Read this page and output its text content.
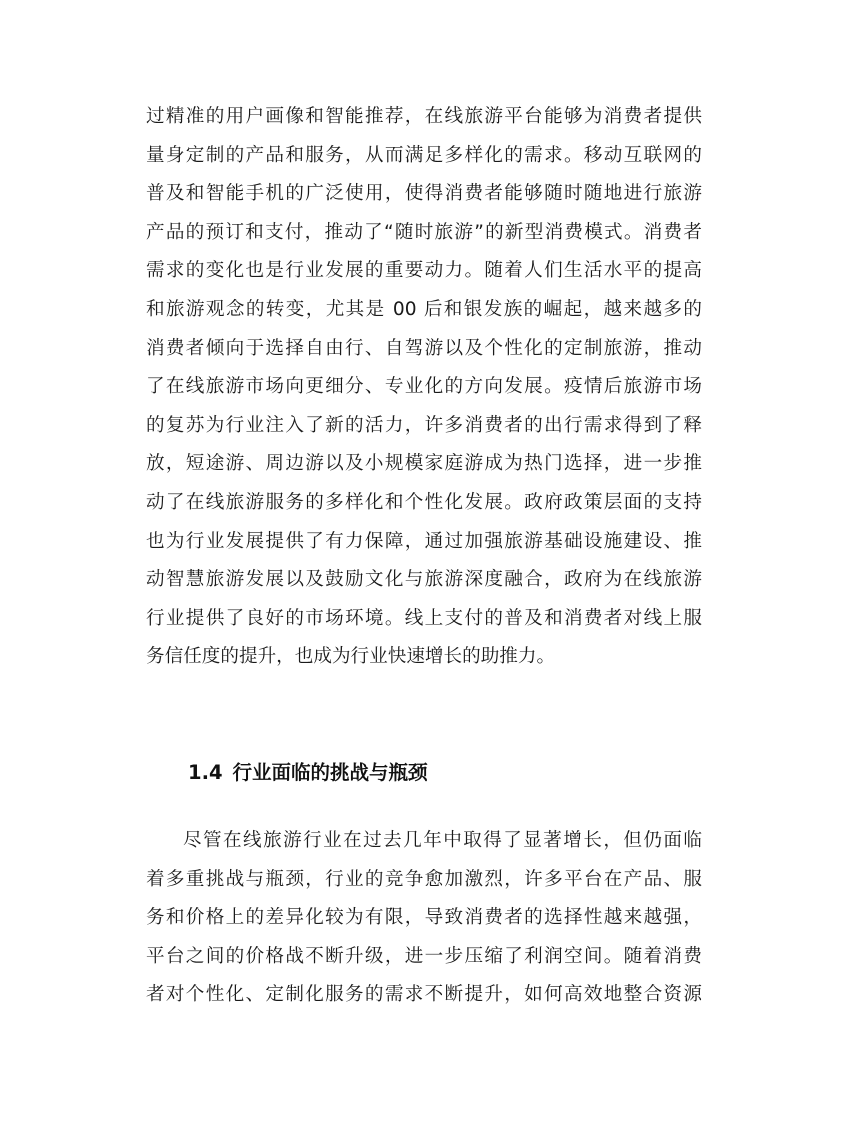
过精准的用户画像和智能推荐，在线旅游平台能够为消费者提供
量身定制的产品和服务，从而满足多样化的需求。移动互联网的
普及和智能手机的广泛使用，使得消费者能够随时随地进行旅游
产品的预订和支付，推动了“随时旅游”的新型消费模式。消费者
需求的变化也是行业发展的重要动力。随着人们生活水平的提高
和旅游观念的转变，尤其是 00 后和银发族的崛起，越来越多的
消费者倾向于选择自由行、自驾游以及个性化的定制旅游，推动
了在线旅游市场向更细分、专业化的方向发展。疫情后旅游市场
的复苏为行业注入了新的活力，许多消费者的出行需求得到了释
放，短途游、周边游以及小规模家庭游成为热门选择，进一步推
动了在线旅游服务的多样化和个性化发展。政府政策层面的支持
也为行业发展提供了有力保障，通过加强旅游基础设施建设、推
动智慧旅游发展以及鼓励文化与旅游深度融合，政府为在线旅游
行业提供了良好的市场环境。线上支付的普及和消费者对线上服
务信任度的提升，也成为行业快速增长的助推力。
1.4 行业面临的挑战与瓶颈
尽管在线旅游行业在过去几年中取得了显著增长，但仍面临
着多重挑战与瓶颈，行业的竞争愈加激烈，许多平台在产品、服
务和价格上的差异化较为有限，导致消费者的选择性越来越强，
平台之间的价格战不断升级，进一步压缩了利润空间。随着消费
者对个性化、定制化服务的需求不断提升，如何高效地整合资源
